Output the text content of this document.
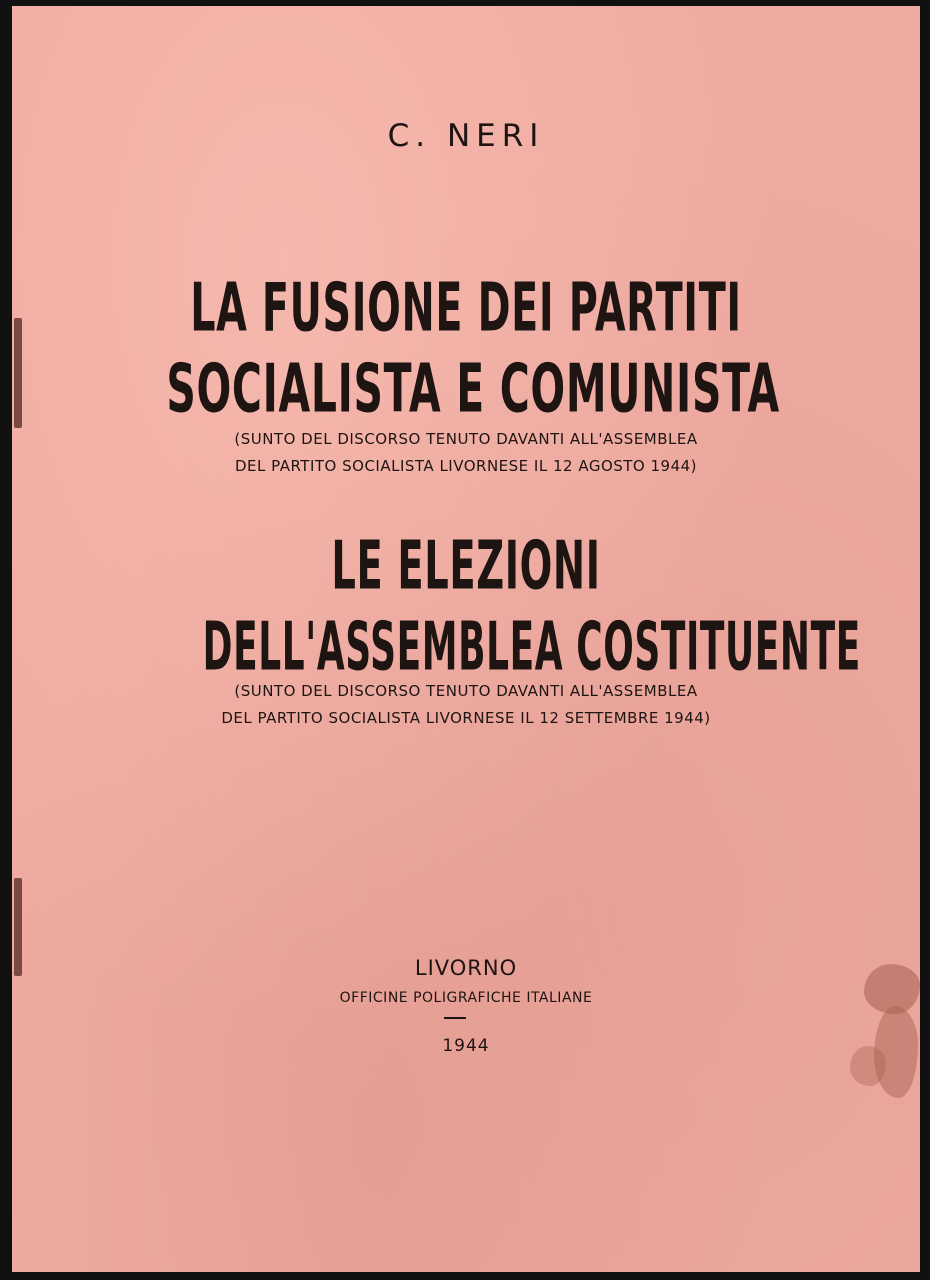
C. NERI
LA FUSIONE DEI PARTITI
SOCIALISTA E COMUNISTA
(SUNTO DEL DISCORSO TENUTO DAVANTI ALL'ASSEMBLEA
DEL PARTITO SOCIALISTA LIVORNESE IL 12 AGOSTO 1944)
LE ELEZIONI
DELL'ASSEMBLEA COSTITUENTE
(SUNTO DEL DISCORSO TENUTO DAVANTI ALL'ASSEMBLEA
DEL PARTITO SOCIALISTA LIVORNESE IL 12 SETTEMBRE 1944)
LIVORNO
OFFICINE POLIGRAFICHE ITALIANE
1944
